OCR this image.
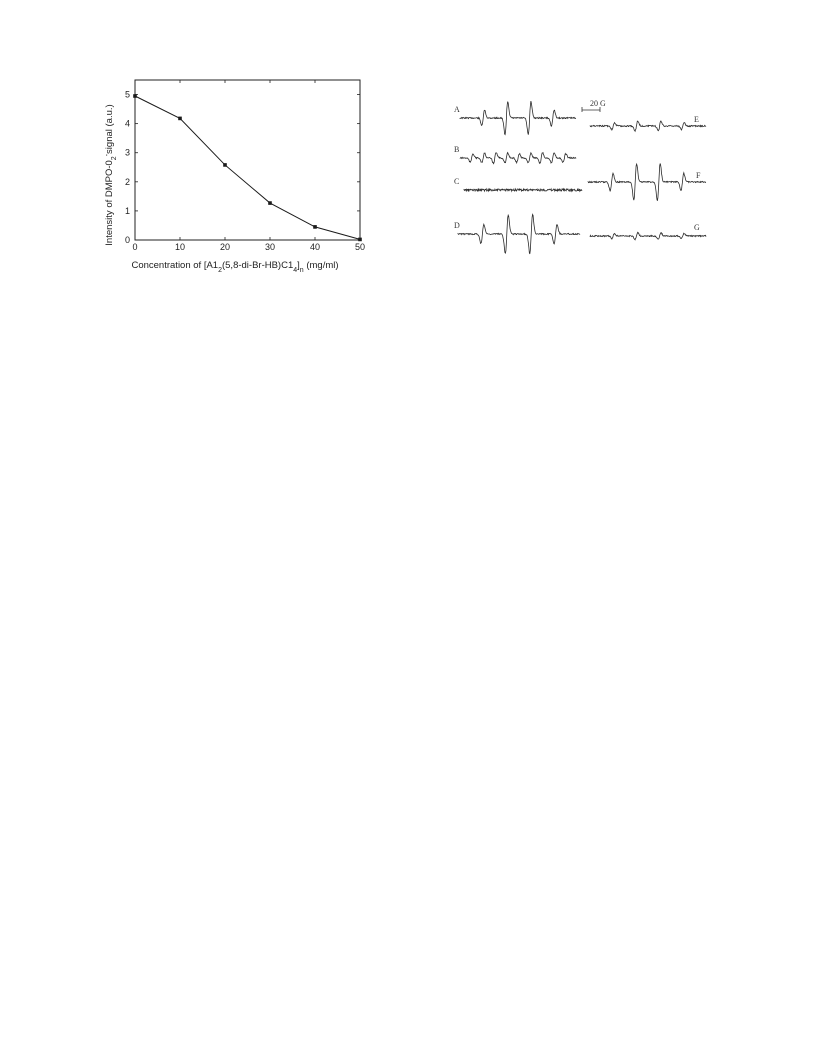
0	10	20	30	40	50
0
1
2
3
4
5
Intensity of DMPO-$0_2^-signal$ (a.u.)
Concentration of $[A1_2(5,8-di-Br-HB)C1_4]_n$ (mg/ml)
A
B
C
D
E
F
G
20 G
